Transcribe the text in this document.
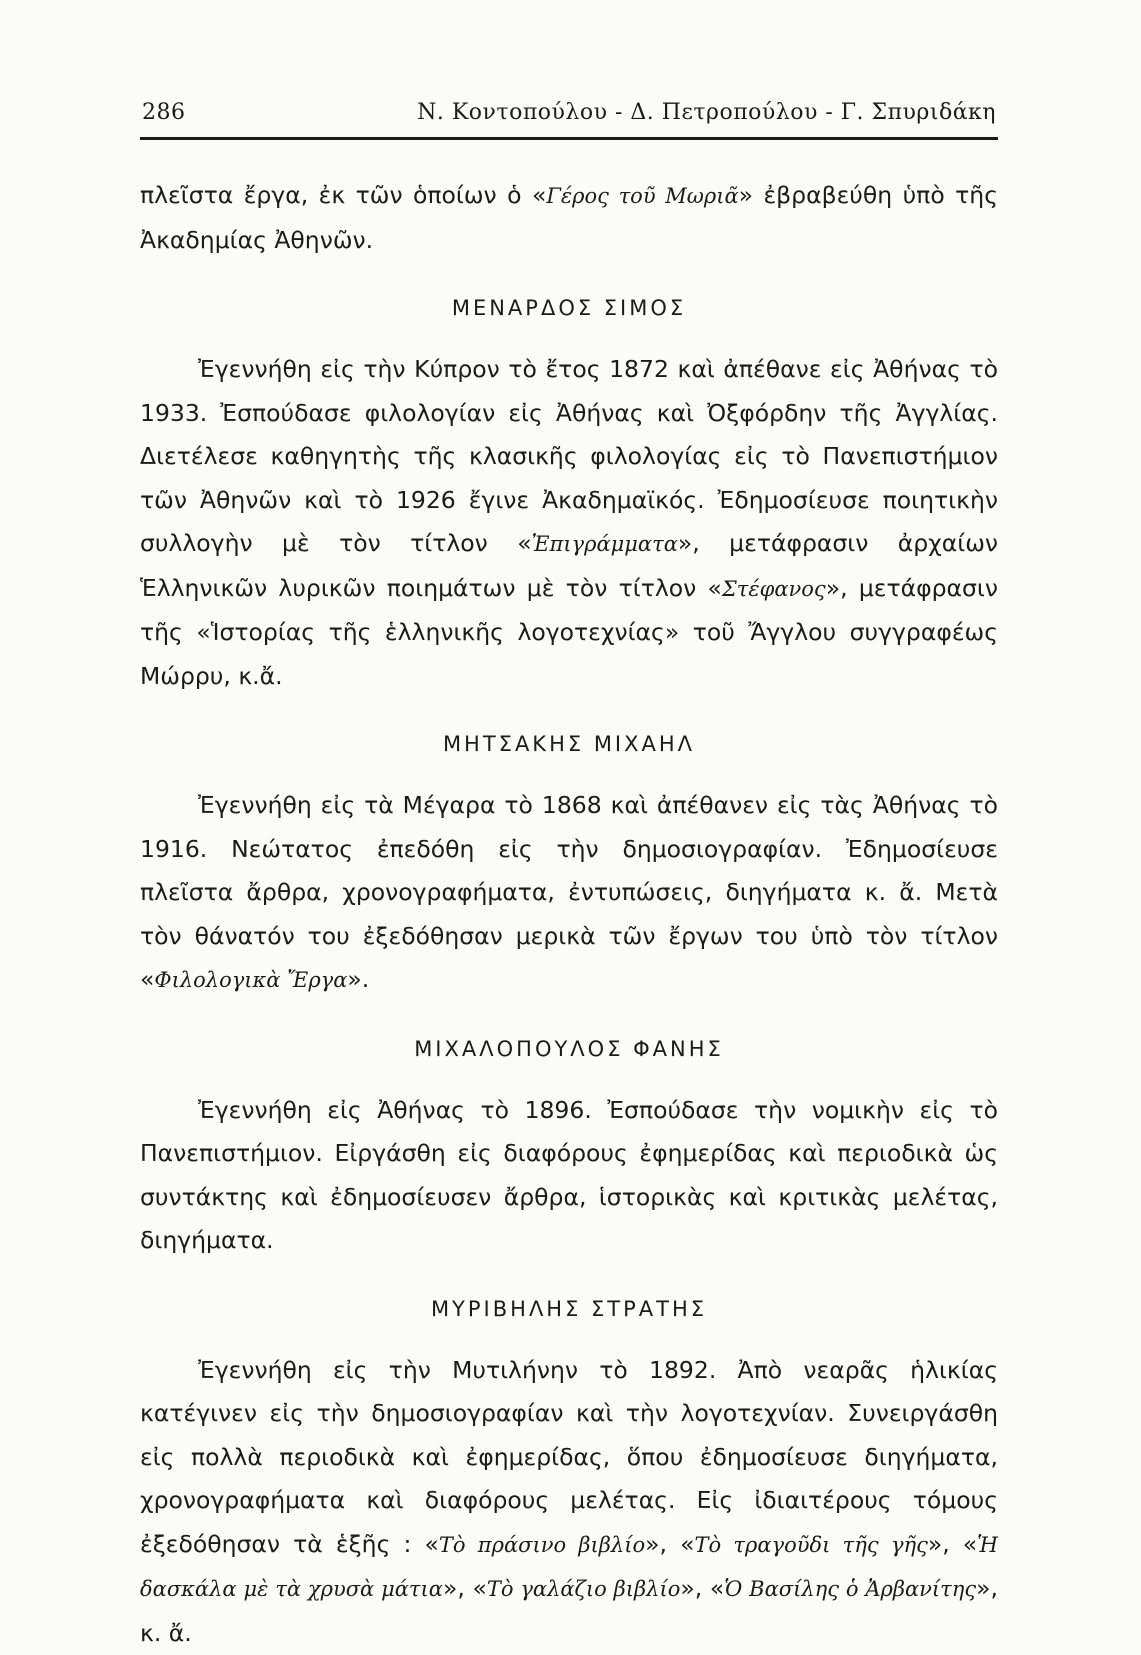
286	Ν. Κοντοπούλου - Δ. Πετροπούλου - Γ. Σπυριδάκη

πλεῖστα ἔργα, ἐκ τῶν ὁποίων ὁ «Γέρος τοῦ Μωριᾶ» ἐβραβεύθη ὑπὸ τῆς Ἀκαδημίας Ἀθηνῶν.

ΜΕΝΑΡΔΟΣ ΣΙΜΟΣ

Ἐγεννήθη εἰς τὴν Κύπρον τὸ ἔτος 1872 καὶ ἀπέθανε εἰς Ἀθήνας τὸ 1933. Ἐσπούδασε φιλολογίαν εἰς Ἀθήνας καὶ Ὀξφόρδην τῆς Ἀγγλίας. Διετέλεσε καθηγητὴς τῆς κλασικῆς φιλολογίας εἰς τὸ Πανεπιστήμιον τῶν Ἀθηνῶν καὶ τὸ 1926 ἔγινε Ἀκαδημαϊκός. Ἐδημοσίευσε ποιητικὴν συλλογὴν μὲ τὸν τίτλον «Ἐπιγράμματα», μετάφρασιν ἀρχαίων Ἑλληνικῶν λυρικῶν ποιημάτων μὲ τὸν τίτλον «Στέφανος», μετάφρασιν τῆς «Ἱστορίας τῆς ἑλληνικῆς λογοτεχνίας» τοῦ Ἄγγλου συγγραφέως Μώρρυ, κ.ἄ.

ΜΗΤΣΑΚΗΣ ΜΙΧΑΗΛ

Ἐγεννήθη εἰς τὰ Μέγαρα τὸ 1868 καὶ ἀπέθανεν εἰς τὰς Ἀθήνας τὸ 1916. Νεώτατος ἐπεδόθη εἰς τὴν δημοσιογραφίαν. Ἐδημοσίευσε πλεῖστα ἄρθρα, χρονογραφήματα, ἐντυπώσεις, διηγήματα κ. ἄ. Μετὰ τὸν θάνατόν του ἐξεδόθησαν μερικὰ τῶν ἔργων του ὑπὸ τὸν τίτλον «Φιλολογικὰ Ἔργα».

ΜΙΧΑΛΟΠΟΥΛΟΣ ΦΑΝΗΣ

Ἐγεννήθη εἰς Ἀθήνας τὸ 1896. Ἐσπούδασε τὴν νομικὴν εἰς τὸ Πανεπιστήμιον. Εἰργάσθη εἰς διαφόρους ἐφημερίδας καὶ περιοδικὰ ὡς συντάκτης καὶ ἐδημοσίευσεν ἄρθρα, ἱστορικὰς καὶ κριτικὰς μελέτας, διηγήματα.

ΜΥΡΙΒΗΛΗΣ ΣΤΡΑΤΗΣ

Ἐγεννήθη εἰς τὴν Μυτιλήνην τὸ 1892. Ἀπὸ νεαρᾶς ἡλικίας κατέγινεν εἰς τὴν δημοσιογραφίαν καὶ τὴν λογοτεχνίαν. Συνειργάσθη εἰς πολλὰ περιοδικὰ καὶ ἐφημερίδας, ὅπου ἐδημοσίευσε διηγήματα, χρονογραφήματα καὶ διαφόρους μελέτας. Εἰς ἰδιαιτέρους τόμους ἐξεδόθησαν τὰ ἑξῆς : «Τὸ πράσινο βιβλίο», «Τὸ τραγοῦδι τῆς γῆς», «Ἡ δασκάλα μὲ τὰ χρυσὰ μάτια», «Τὸ γαλάζιο βιβλίο», «Ὁ Βασίλης ὁ Ἀρβανίτης», κ. ἄ.
